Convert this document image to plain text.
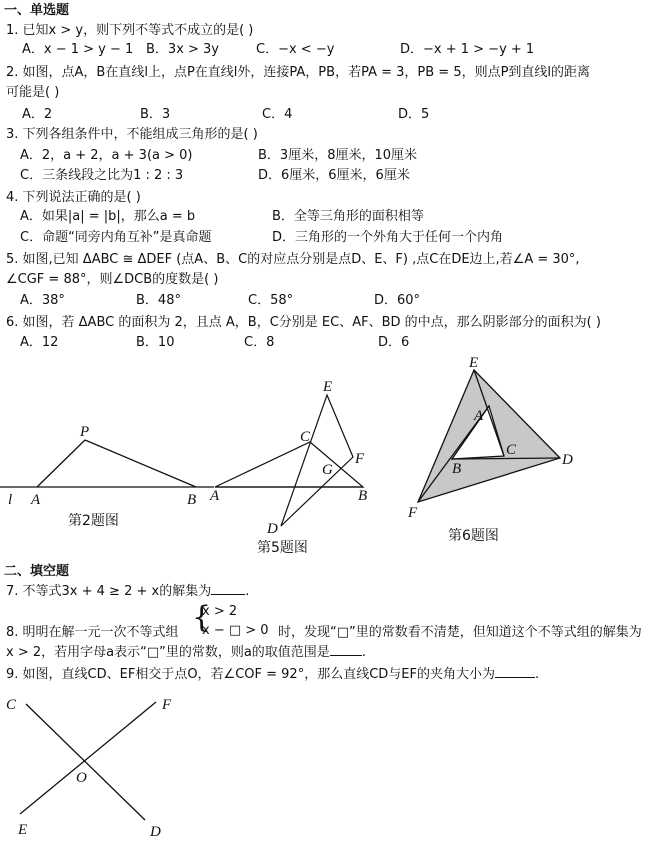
一、单选题
1. 已知x > y，则下列不等式不成立的是( )
A．x − 1 > y − 1 B．3x > 3y	C．−x < −y	D．−x + 1 > −y + 1
2. 如图，点A，B在直线l上，点P在直线l外，连接PA，PB，若PA = 3，PB = 5，则点P到直线l的距离
可能是( )
A．2	B．3	C．4	D．5
3. 下列各组条件中，不能组成三角形的是( )
A．2，a + 2，a + 3(a > 0)	B．3厘米，8厘米，10厘米
C．三条线段之比为1 : 2 : 3	D．6厘米，6厘米，6厘米
4. 下列说法正确的是( )
A．如果|a| = |b|，那么a = b	B．全等三角形的面积相等
C．命题“同旁内角互补”是真命题	D．三角形的一个外角大于任何一个内角
5. 如图,已知 ΔABC ≅ ΔDEF (点A、B、C的对应点分别是点D、E、F) ,点C在DE边上,若∠A = 30°,
∠CGF = 88°，则∠DCB的度数是( )
A．38°	B．48°	C．58°	D．60°
6. 如图，若 ΔABC 的面积为 2，且点 A，B，C分别是 EC、AF、BD 的中点，那么阴影部分的面积为( )
A．12	B．10	C．8	D．6
P
l A	B
第2题图
E
C
F
G
A	B
D
第5题图
E
A
C
B
D
F
第6题图
二、填空题
7. 不等式3x + 4 ≥ 2 + x的解集为	.
8. 明明在解一元一次不等式组 {
x > 2
x − □ > 0 时，发现“□”里的常数看不清楚，但知道这个不等式组的解集为
x > 2，若用字母a表示“□”里的常数，则a的取值范围是 .
9. 如图，直线CD、EF相交于点O，若∠COF = 92°，那么直线CD与EF的夹角大小为	.
C	F
O
E	D
